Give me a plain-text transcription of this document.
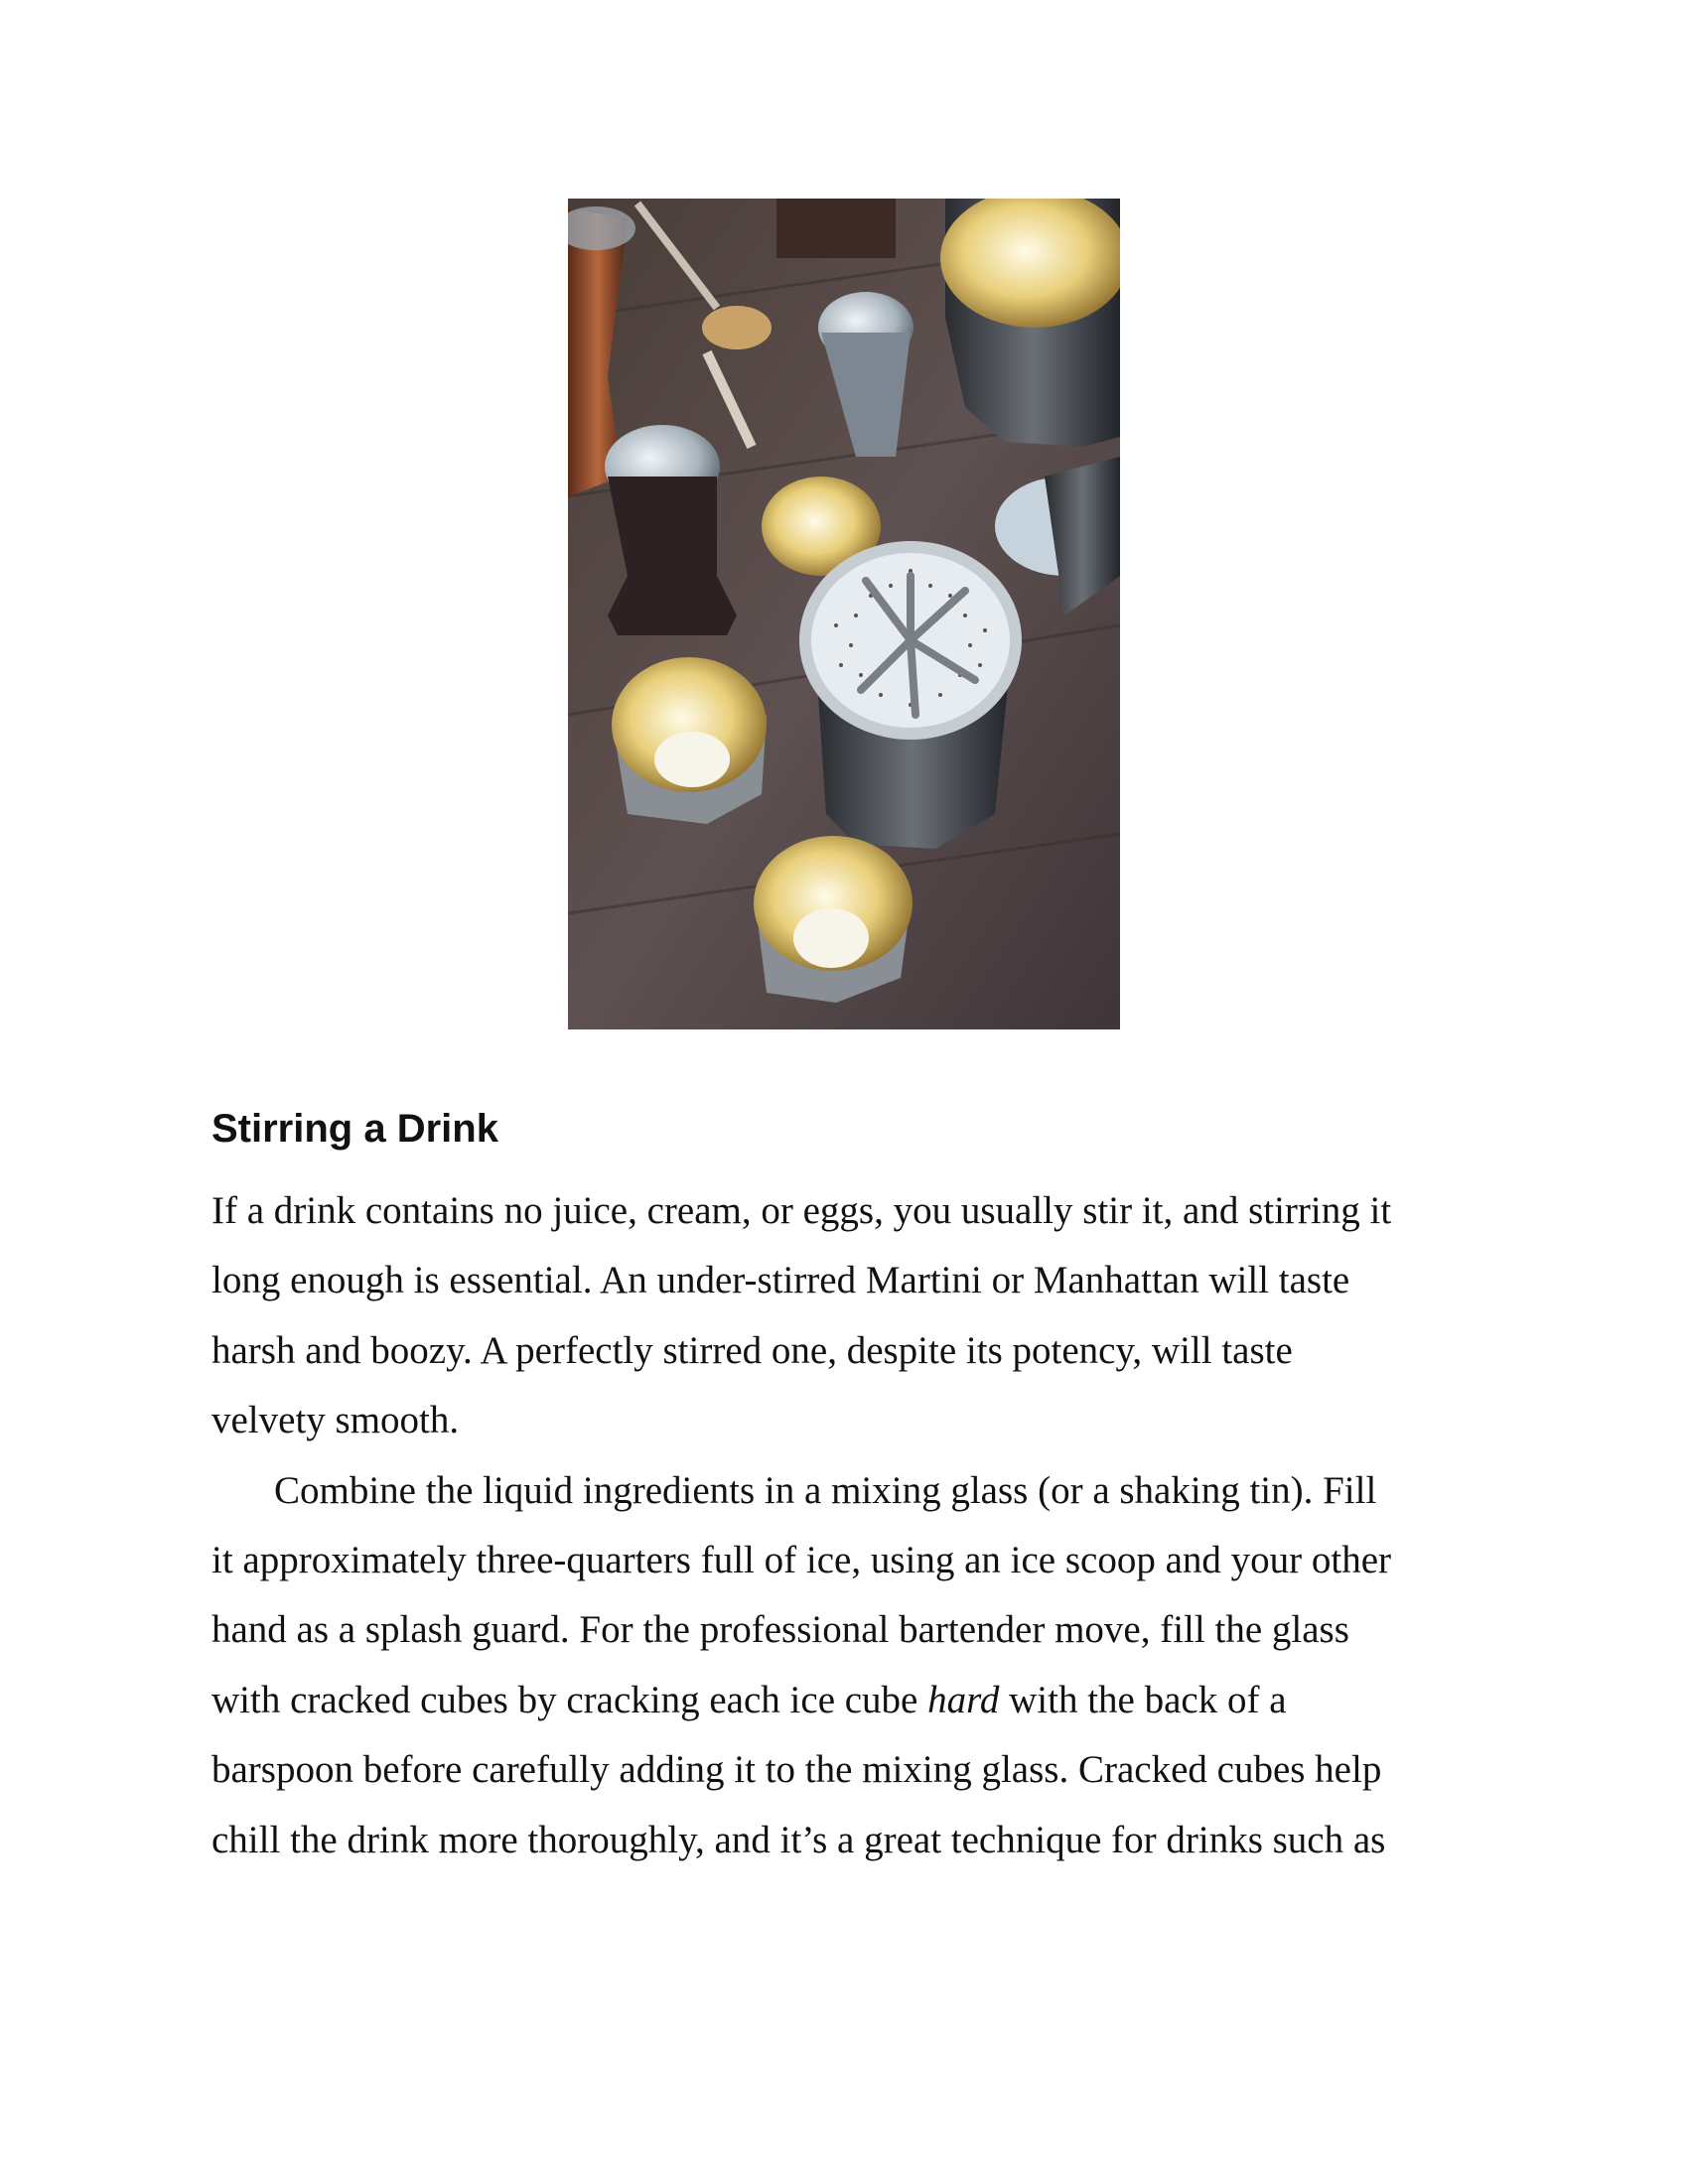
Stirring a Drink
If a drink contains no juice, cream, or eggs, you usually stir it, and stirring it
long enough is essential. An under-stirred Martini or Manhattan will taste
harsh and boozy. A perfectly stirred one, despite its potency, will taste
velvety smooth.
Combine the liquid ingredients in a mixing glass (or a shaking tin). Fill
it approximately three-quarters full of ice, using an ice scoop and your other
hand as a splash guard. For the professional bartender move, fill the glass
with cracked cubes by cracking each ice cube hard with the back of a
barspoon before carefully adding it to the mixing glass. Cracked cubes help
chill the drink more thoroughly, and it’s a great technique for drinks such as
